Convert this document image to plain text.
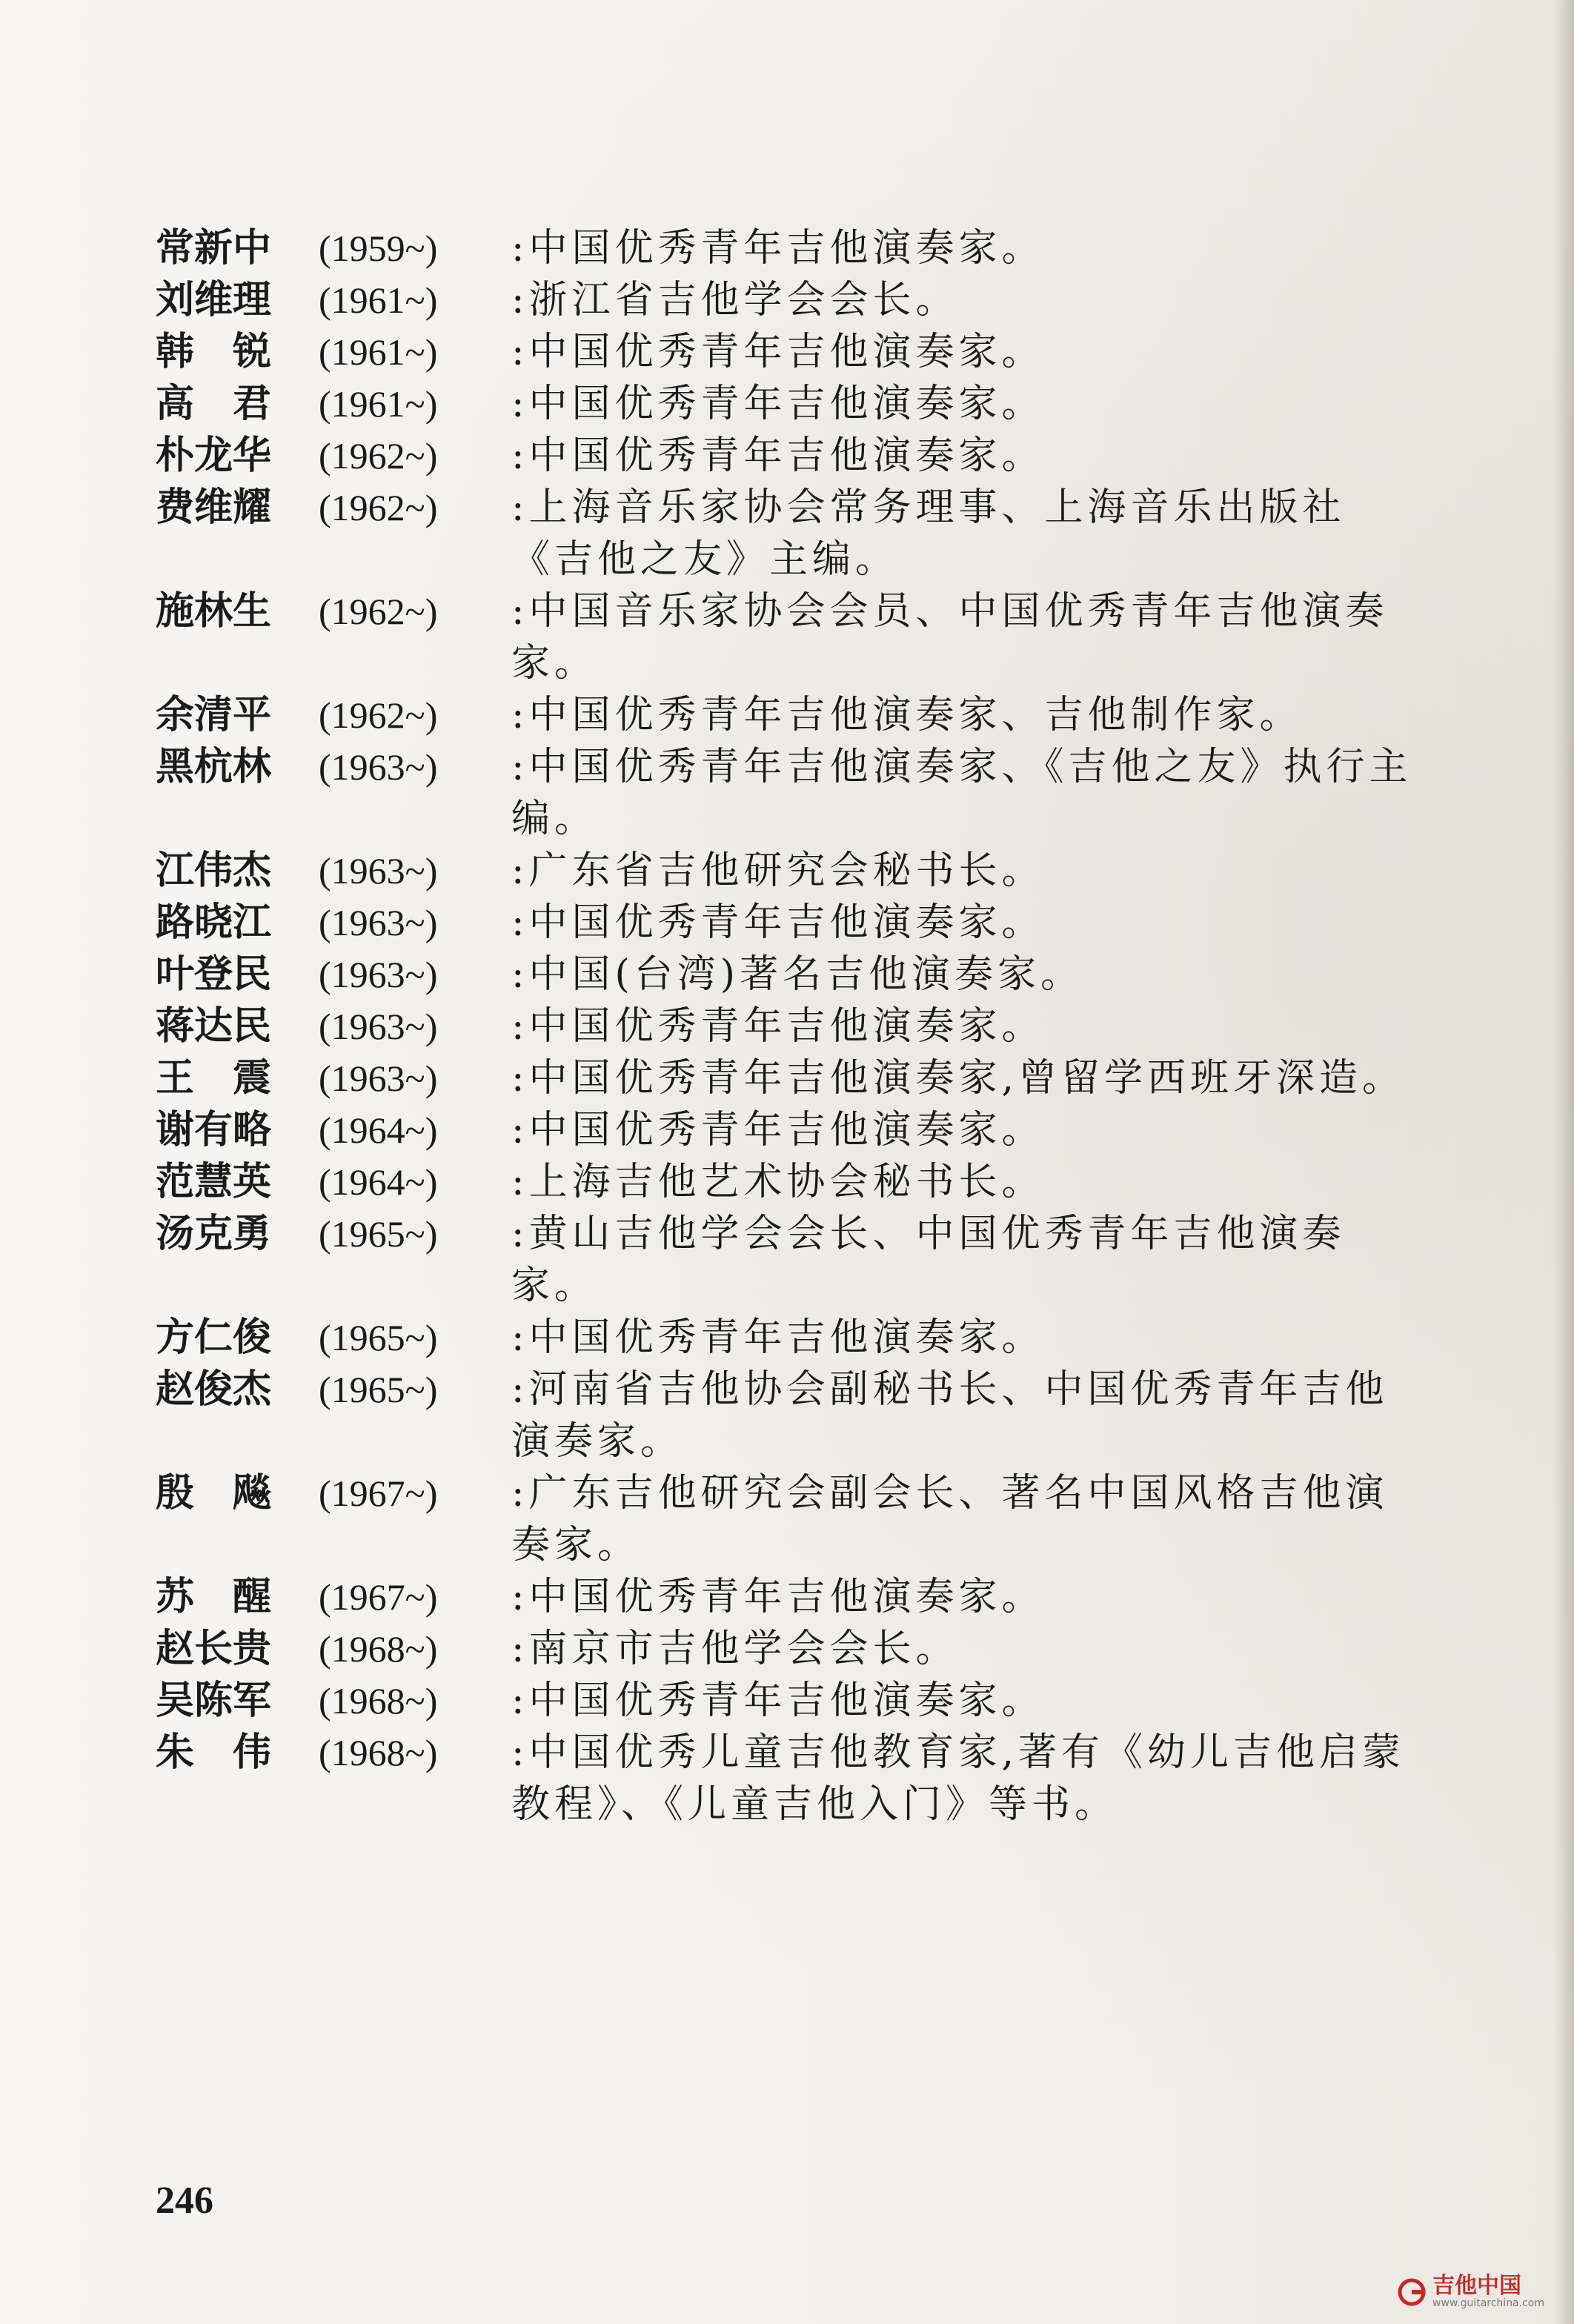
常新中	(1959~)	:中国优秀青年吉他演奏家。
刘维理	(1961~)	:浙江省吉他学会会长。
韩　锐	(1961~)	:中国优秀青年吉他演奏家。
高　君	(1961~)	:中国优秀青年吉他演奏家。
朴龙华	(1962~)	:中国优秀青年吉他演奏家。
费维耀	(1962~)	:上海音乐家协会常务理事、上海音乐出版社《吉他之友》主编。
施林生	(1962~)	:中国音乐家协会会员、中国优秀青年吉他演奏家。
余清平	(1962~)	:中国优秀青年吉他演奏家、吉他制作家。
黑杭林	(1963~)	:中国优秀青年吉他演奏家、《吉他之友》执行主编。
江伟杰	(1963~)	:广东省吉他研究会秘书长。
路晓江	(1963~)	:中国优秀青年吉他演奏家。
叶登民	(1963~)	:中国(台湾)著名吉他演奏家。
蒋达民	(1963~)	:中国优秀青年吉他演奏家。
王　震	(1963~)	:中国优秀青年吉他演奏家,曾留学西班牙深造。
谢有略	(1964~)	:中国优秀青年吉他演奏家。
范慧英	(1964~)	:上海吉他艺术协会秘书长。
汤克勇	(1965~)	:黄山吉他学会会长、中国优秀青年吉他演奏家。
方仁俊	(1965~)	:中国优秀青年吉他演奏家。
赵俊杰	(1965~)	:河南省吉他协会副秘书长、中国优秀青年吉他演奏家。
殷　飚	(1967~)	:广东吉他研究会副会长、著名中国风格吉他演奏家。
苏　醒	(1967~)	:中国优秀青年吉他演奏家。
赵长贵	(1968~)	:南京市吉他学会会长。
吴陈军	(1968~)	:中国优秀青年吉他演奏家。
朱　伟	(1968~)	:中国优秀儿童吉他教育家,著有《幼儿吉他启蒙教程》、《儿童吉他入门》等书。
246
吉他中国
www.guitarchina.com
